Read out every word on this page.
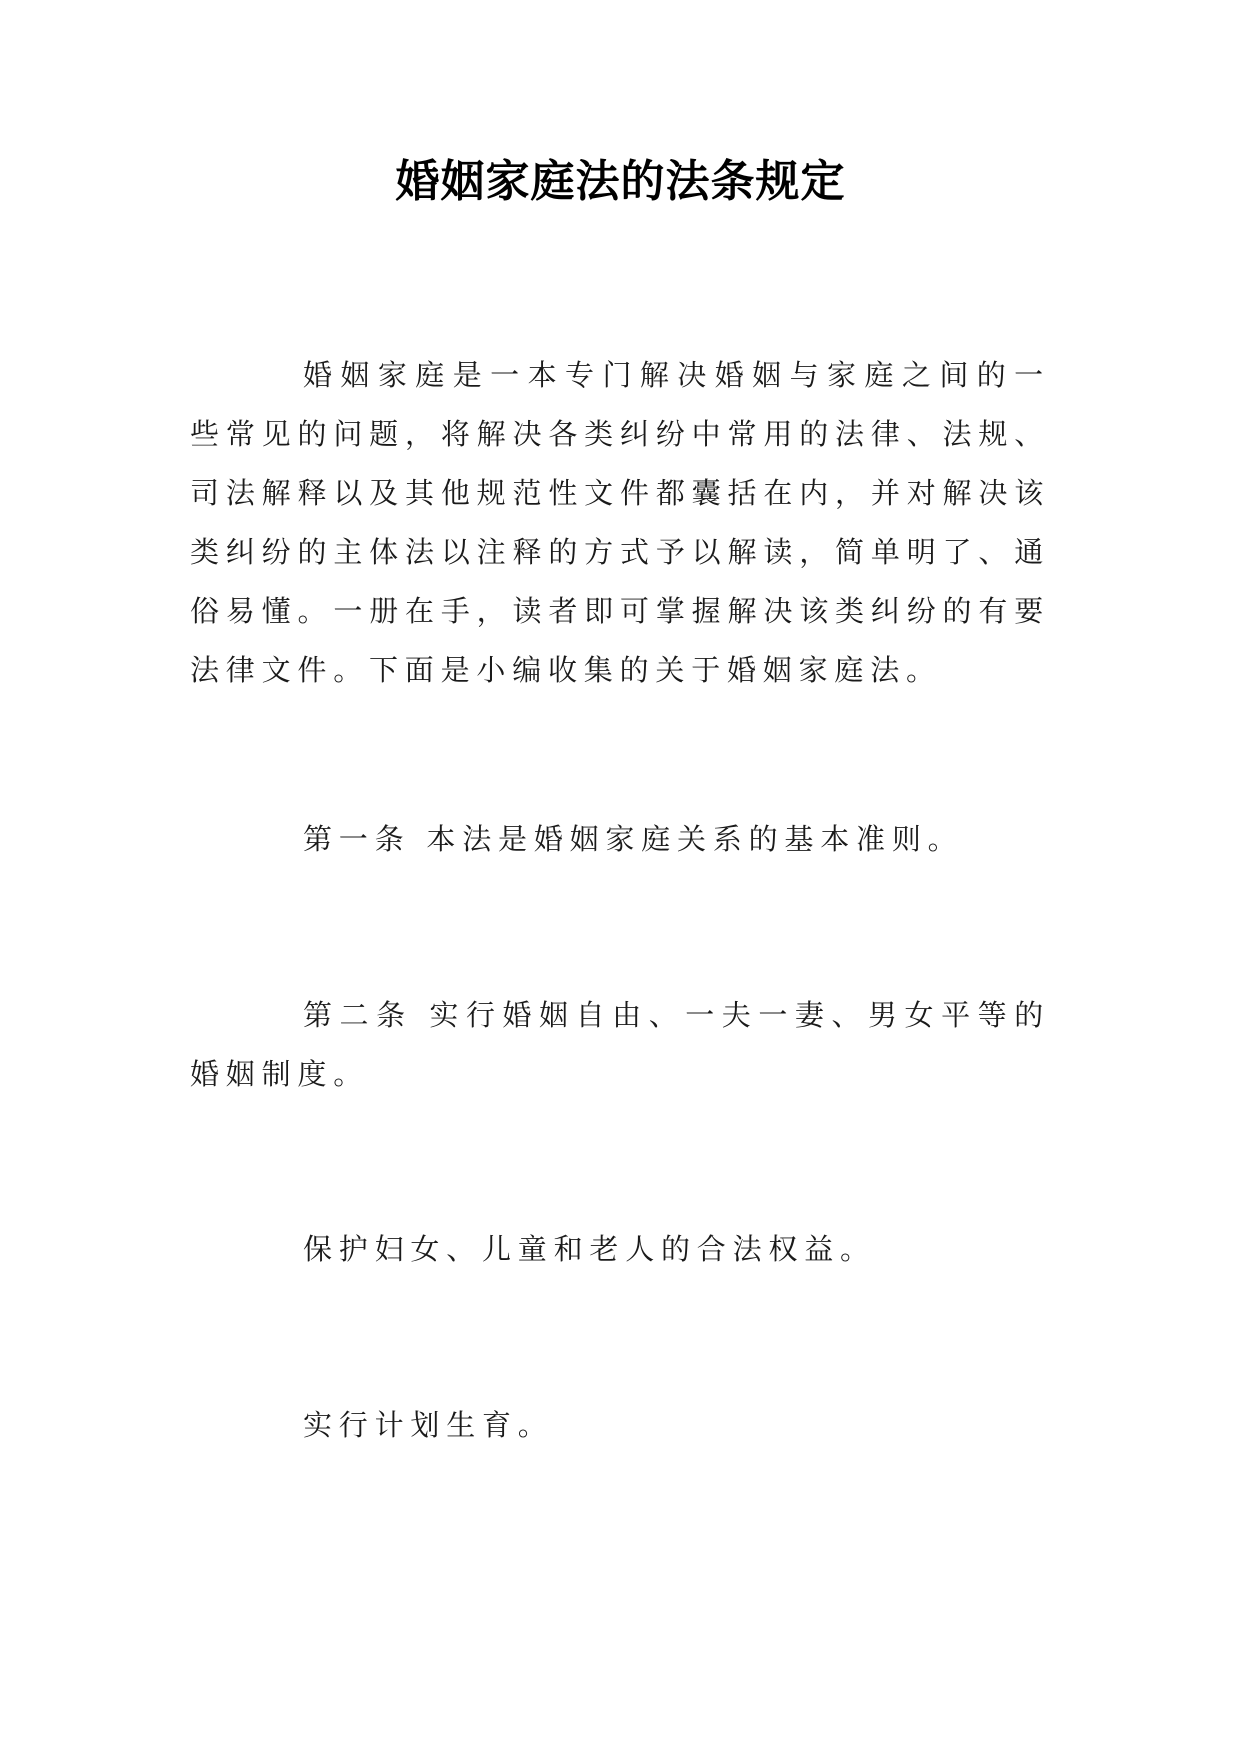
婚姻家庭法的法条规定

婚姻家庭是一本专门解决婚姻与家庭之间的一些常见的问题，将解决各类纠纷中常用的法律、法规、司法解释以及其他规范性文件都囊括在内，并对解决该类纠纷的主体法以注释的方式予以解读，简单明了、通俗易懂。一册在手，读者即可掌握解决该类纠纷的有要法律文件。下面是小编收集的关于婚姻家庭法。

第一条 本法是婚姻家庭关系的基本准则。

第二条 实行婚姻自由、一夫一妻、男女平等的婚姻制度。

保护妇女、儿童和老人的合法权益。

实行计划生育。
